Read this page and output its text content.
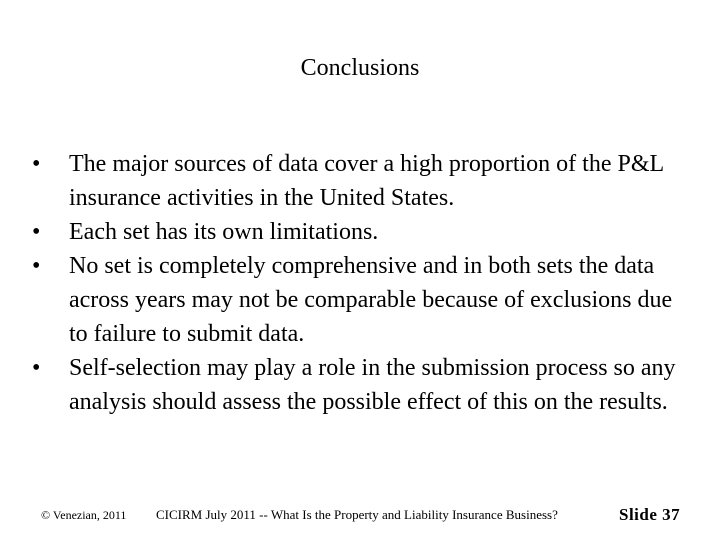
Conclusions
•	The major sources of data cover a high proportion of the P&L insurance activities in the United States.
•	Each set has its own limitations.
•	No set is completely comprehensive and in both sets the data across years may not be comparable because of exclusions due to failure to submit data.
•	Self-selection may play a role in the submission process so any analysis should assess the possible effect of this on the results.
© Venezian, 2011 CICIRM July 2011 -- What Is the Property and Liability Insurance Business?	Slide 37
